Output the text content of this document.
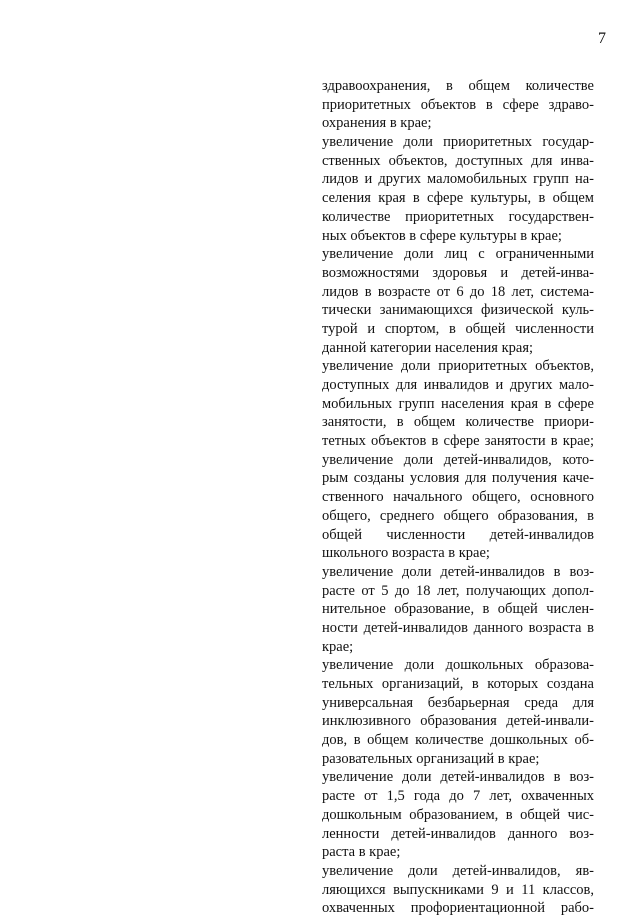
7
здравоохранения, в общем количестве
приоритетных объектов в сфере здраво-
охранения в крае;
увеличение доли приоритетных государ-
ственных объектов, доступных для инва-
лидов и других маломобильных групп на-
селения края в сфере культуры, в общем
количестве приоритетных государствен-
ных объектов в сфере культуры в крае;
увеличение доли лиц с ограниченными
возможностями здоровья и детей-инва-
лидов в возрасте от 6 до 18 лет, система-
тически занимающихся физической куль-
турой и спортом, в общей численности
данной категории населения края;
увеличение доли приоритетных объектов,
доступных для инвалидов и других мало-
мобильных групп населения края в сфере
занятости, в общем количестве приори-
тетных объектов в сфере занятости в крае;
увеличение доли детей-инвалидов, кото-
рым созданы условия для получения каче-
ственного начального общего, основного
общего, среднего общего образования, в
общей численности детей-инвалидов
школьного возраста в крае;
увеличение доли детей-инвалидов в воз-
расте от 5 до 18 лет, получающих допол-
нительное образование, в общей числен-
ности детей-инвалидов данного возраста в
крае;
увеличение доли дошкольных образова-
тельных организаций, в которых создана
универсальная безбарьерная среда для
инклюзивного образования детей-инвали-
дов, в общем количестве дошкольных об-
разовательных организаций в крае;
увеличение доли детей-инвалидов в воз-
расте от 1,5 года до 7 лет, охваченных
дошкольным образованием, в общей чис-
ленности детей-инвалидов данного воз-
раста в крае;
увеличение доли детей-инвалидов, яв-
ляющихся выпускниками 9 и 11 классов,
охваченных профориентационной рабо-
